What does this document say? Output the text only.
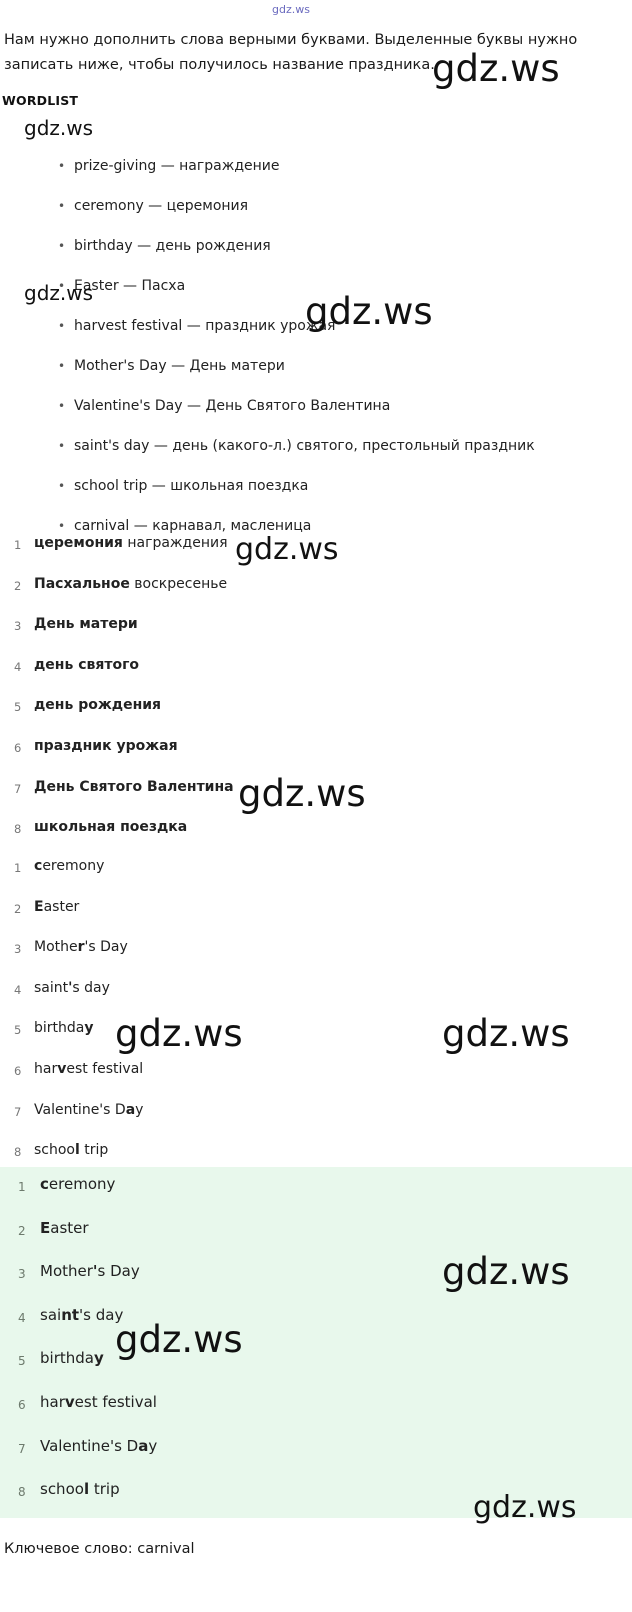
gdz.ws
Нам нужно дополнить слова верными буквами. Выделенные буквы нужно записать ниже, чтобы получилось название праздника.
WORDLIST
• prize-giving — награждение
• ceremony — церемония
• birthday — день рождения
• Easter — Пасха
• harvest festival — праздник урожая
• Mother's Day — День матери
• Valentine's Day — День Святого Валентина
• saint's day — день (какого-л.) святого, престольный праздник
• school trip — школьная поездка
• carnival — карнавал, масленица
1 церемония награждения
2 Пасхальное воскресенье
3 День матери
4 день святого
5 день рождения
6 праздник урожая
7 День Святого Валентина
8 школьная поездка
1 ceremony
2 Easter
3 Mother's Day
4 saint's day
5 birthday
6 harvest festival
7 Valentine's Day
8 school trip
1 ceremony
2 Easter
3 Mother's Day
4 saint's day
5 birthday
6 harvest festival
7 Valentine's Day
8 school trip
Ключевое слово: carnival
gdz.ws
gdz.ws
gdz.ws	gdz.ws
gdz.ws
gdz.ws
gdz.ws	gdz.ws
gdz.ws
gdz.ws
gdz.ws
